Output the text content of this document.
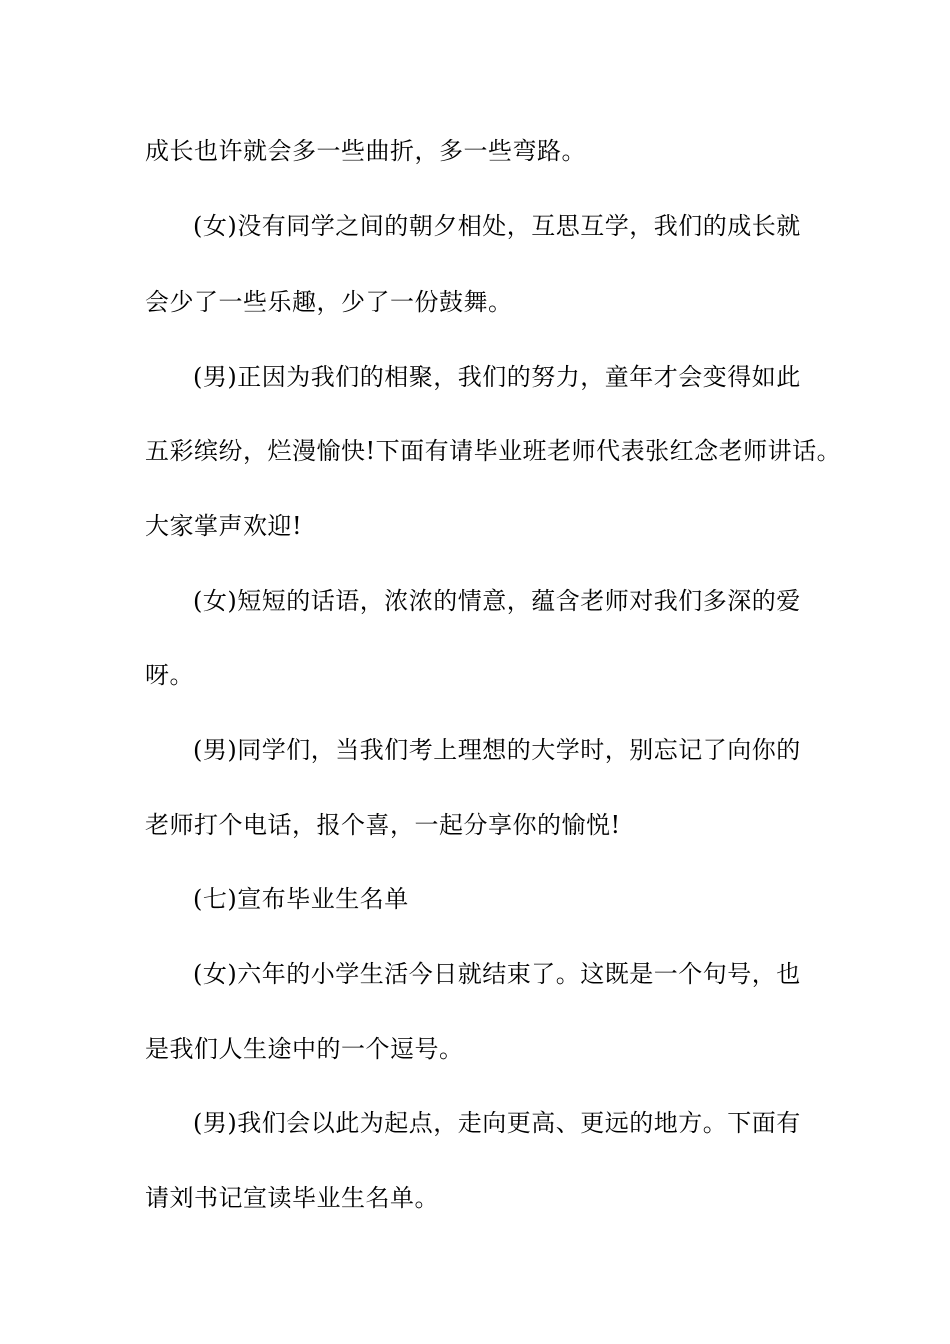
成长也许就会多一些曲折，多一些弯路。
(女)没有同学之间的朝夕相处，互思互学，我们的成长就
会少了一些乐趣，少了一份鼓舞。
(男)正因为我们的相聚，我们的努力，童年才会变得如此
五彩缤纷，烂漫愉快!下面有请毕业班老师代表张红念老师讲话。
大家掌声欢迎!
(女)短短的话语，浓浓的情意，蕴含老师对我们多深的爱
呀。
(男)同学们，当我们考上理想的大学时，别忘记了向你的
老师打个电话，报个喜，一起分享你的愉悦!
(七)宣布毕业生名单
(女)六年的小学生活今日就结束了。这既是一个句号，也
是我们人生途中的一个逗号。
(男)我们会以此为起点，走向更高、更远的地方。下面有
请刘书记宣读毕业生名单。
